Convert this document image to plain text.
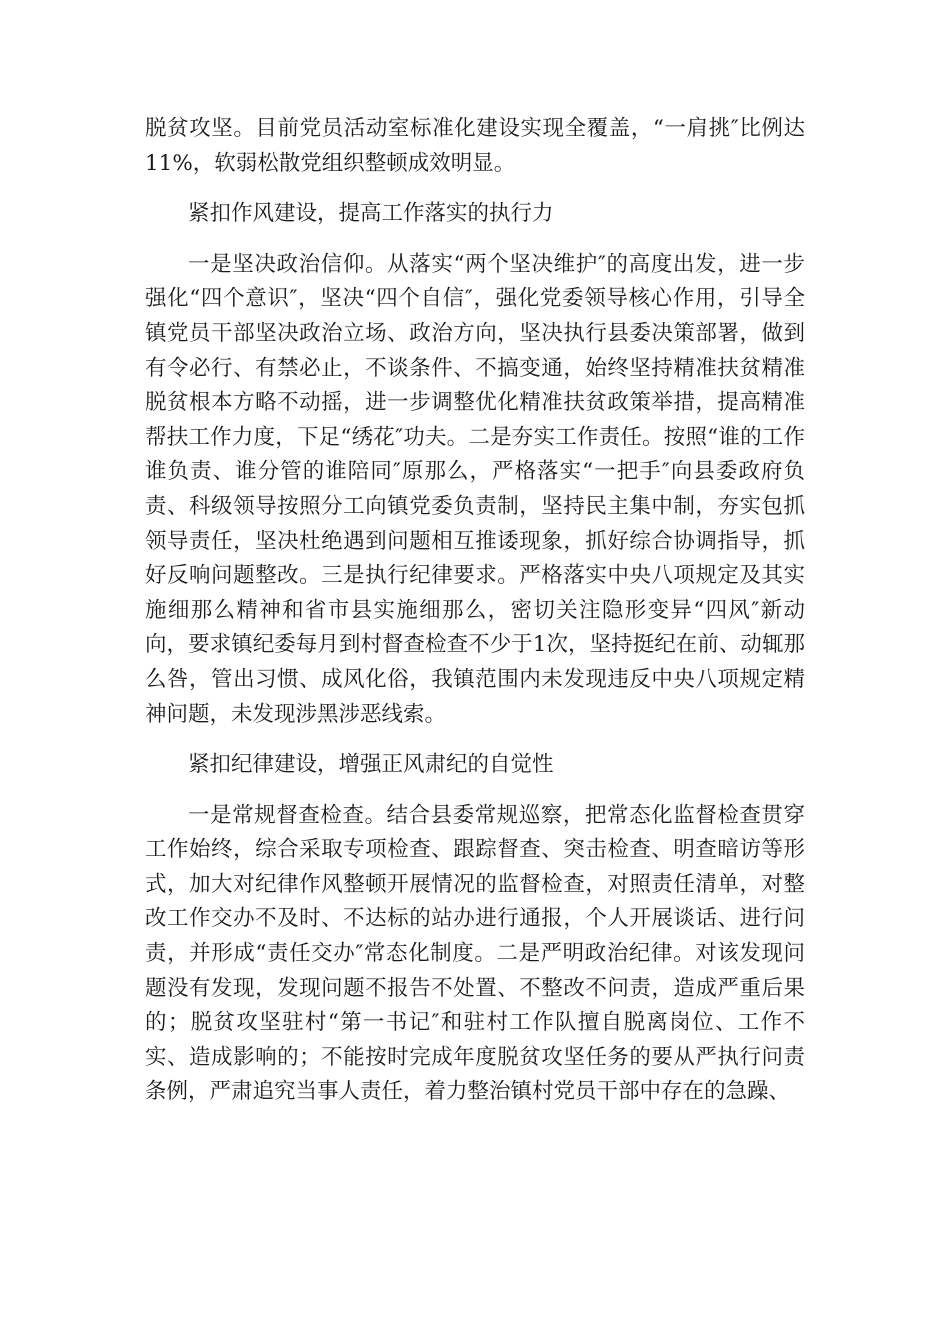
脱贫攻坚。目前党员活动室标准化建设实现全覆盖，“一肩挑″比例达11%，软弱松散党组织整顿成效明显。

紧扣作风建设，提高工作落实的执行力

一是坚决政治信仰。从落实“两个坚决维护″的高度出发，进一步强化“四个意识″，坚决“四个自信″，强化党委领导核心作用，引导全镇党员干部坚决政治立场、政治方向，坚决执行县委决策部署，做到有令必行、有禁必止，不谈条件、不搞变通，始终坚持精准扶贫精准脱贫根本方略不动摇，进一步调整优化精准扶贫政策举措，提高精准帮扶工作力度，下足“绣花″功夫。二是夯实工作责任。按照“谁的工作谁负责、谁分管的谁陪同″原那么，严格落实“一把手″向县委政府负责、科级领导按照分工向镇党委负责制，坚持民主集中制，夯实包抓领导责任，坚决杜绝遇到问题相互推诿现象，抓好综合协调指导，抓好反响问题整改。三是执行纪律要求。严格落实中央八项规定及其实施细那么精神和省市县实施细那么，密切关注隐形变异“四风″新动向，要求镇纪委每月到村督查检查不少于1次，坚持挺纪在前、动辄那么咎，管出习惯、成风化俗，我镇范围内未发现违反中央八项规定精神问题，未发现涉黑涉恶线索。

紧扣纪律建设，增强正风肃纪的自觉性

一是常规督查检查。结合县委常规巡察，把常态化监督检查贯穿工作始终，综合采取专项检查、跟踪督查、突击检查、明查暗访等形式，加大对纪律作风整顿开展情况的监督检查，对照责任清单，对整改工作交办不及时、不达标的站办进行通报，个人开展谈话、进行问责，并形成“责任交办″常态化制度。二是严明政治纪律。对该发现问题没有发现，发现问题不报告不处置、不整改不问责，造成严重后果的；脱贫攻坚驻村“第一书记″和驻村工作队擅自脱离岗位、工作不实、造成影响的；不能按时完成年度脱贫攻坚任务的要从严执行问责条例，严肃追究当事人责任，着力整治镇村党员干部中存在的急躁、
